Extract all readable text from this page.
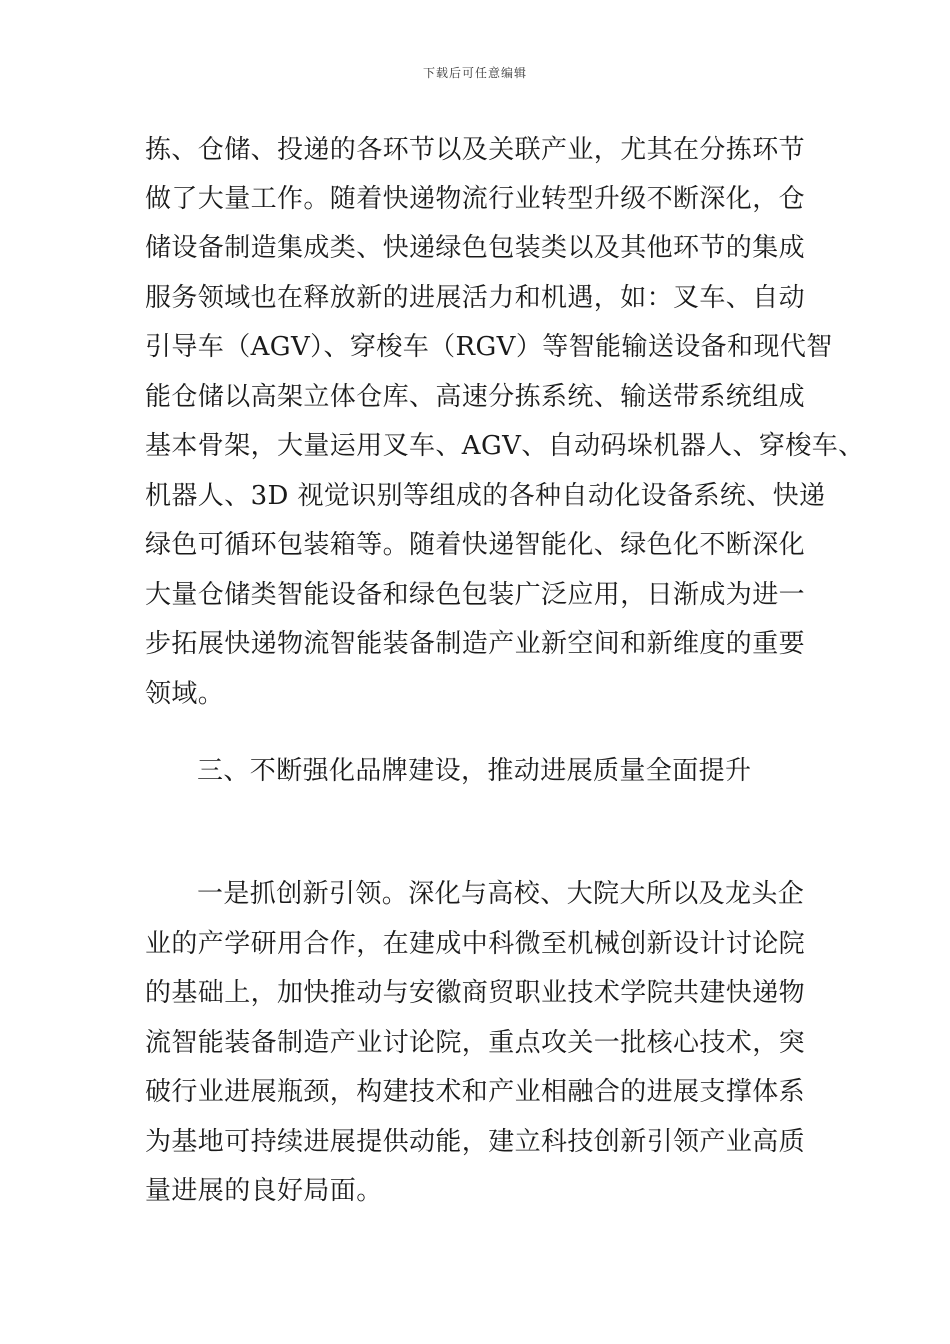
下载后可任意编辑
拣、仓储、投递的各环节以及关联产业，尤其在分拣环节
做了大量工作。随着快递物流行业转型升级不断深化，仓
储设备制造集成类、快递绿色包装类以及其他环节的集成
服务领域也在释放新的进展活力和机遇，如：叉车、自动
引导车（AGV）、穿梭车（RGV）等智能输送设备和现代智
能仓储以高架立体仓库、高速分拣系统、输送带系统组成
基本骨架，大量运用叉车、AGV、自动码垛机器人、穿梭车、
机器人、3D 视觉识别等组成的各种自动化设备系统、快递
绿色可循环包装箱等。随着快递智能化、绿色化不断深化
大量仓储类智能设备和绿色包装广泛应用，日渐成为进一
步拓展快递物流智能装备制造产业新空间和新维度的重要
领域。
三、不断强化品牌建设，推动进展质量全面提升
一是抓创新引领。深化与高校、大院大所以及龙头企
业的产学研用合作，在建成中科微至机械创新设计讨论院
的基础上，加快推动与安徽商贸职业技术学院共建快递物
流智能装备制造产业讨论院，重点攻关一批核心技术，突
破行业进展瓶颈，构建技术和产业相融合的进展支撑体系
为基地可持续进展提供动能，建立科技创新引领产业高质
量进展的良好局面。
